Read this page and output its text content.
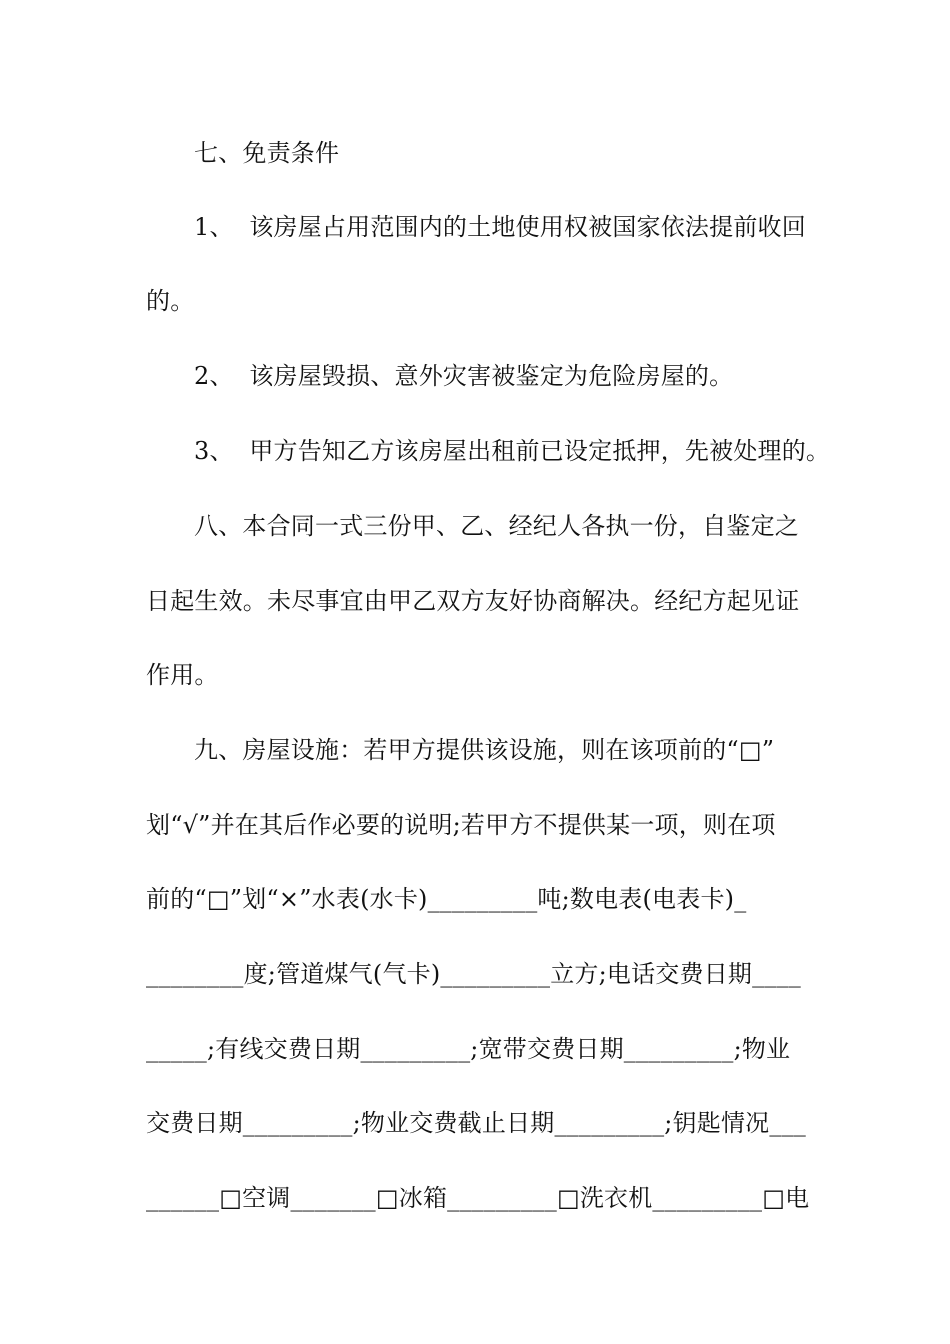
七、免责条件
1、  该房屋占用范围内的土地使用权被国家依法提前收回
的。
2、  该房屋毁损、意外灾害被鉴定为危险房屋的。
3、  甲方告知乙方该房屋出租前已设定抵押，先被处理的。
八、本合同一式三份甲、乙、经纪人各执一份，自鉴定之
日起生效。未尽事宜由甲乙双方友好协商解决。经纪方起见证
作用。
九、房屋设施：若甲方提供该设施，则在该项前的“□”
划“√”并在其后作必要的说明;若甲方不提供某一项，则在项
前的“□”划“×”水表(水卡)_________吨;数电表(电表卡)_
________度;管道煤气(气卡)_________立方;电话交费日期____
_____;有线交费日期_________;宽带交费日期_________;物业
交费日期_________;物业交费截止日期_________;钥匙情况___
______□空调_______□冰箱_________□洗衣机_________□电
